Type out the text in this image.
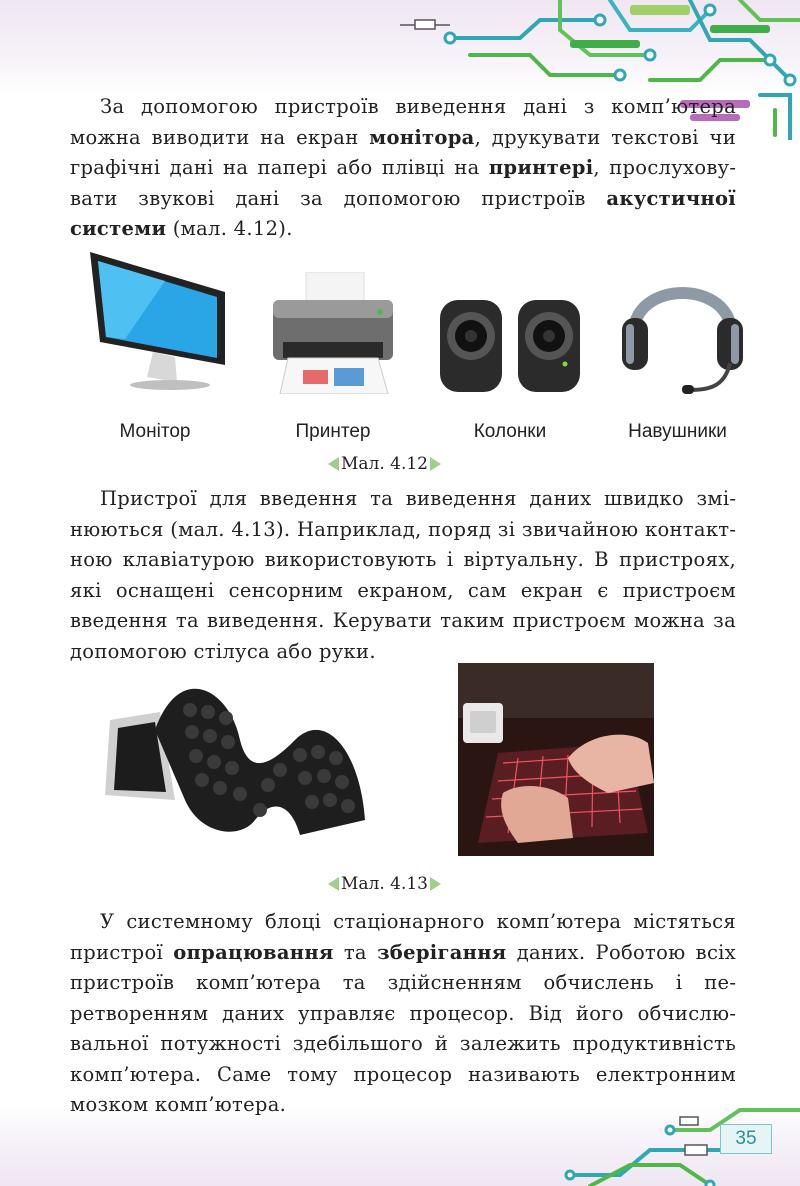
За допомогою пристроїв виведення дані з комп’ютера можна виводити на екран монітора, друкувати текстові чи графічні дані на папері або плівці на принтері, прослуховувати звукові дані за допомогою пристроїв акустичної системи (мал. 4.12).

Монітор	Принтер	Колонки	Навушники
Мал. 4.12

Пристрої для введення та виведення даних швидко змінюються (мал. 4.13). Наприклад, поряд зі звичайною контактною клавіатурою використовують і віртуальну. В пристроях, які оснащені сенсорним екраном, сам екран є пристроєм введення та виведення. Керувати таким пристроєм можна за допомогою стілуса або руки.

Мал. 4.13

У системному блоці стаціонарного комп’ютера містяться пристрої опрацювання та зберігання даних. Роботою всіх пристроїв комп’ютера та здійсненням обчислень і перетворенням даних управляє процесор. Від його обчислювальної потужності здебільшого й залежить продуктивність комп’ютера. Саме тому процесор називають електронним мозком комп’ютера.

35
